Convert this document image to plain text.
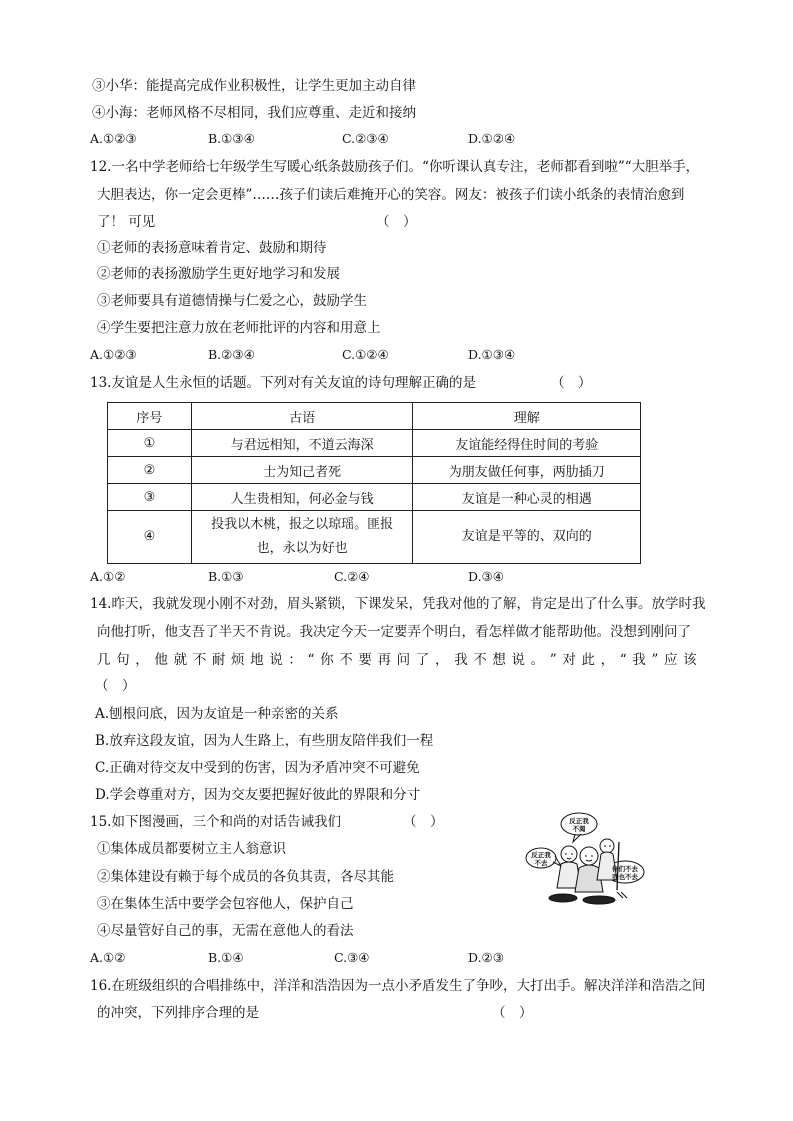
③小华：能提高完成作业积极性，让学生更加主动自律
④小海：老师风格不尽相同，我们应尊重、走近和接纳
A.①②③	B.①③④	C.②③④	D.①②④
12.一名中学老师给七年级学生写暖心纸条鼓励孩子们。“你听课认真专注，老师都看到啦”“大胆举手，
大胆表达，你一定会更棒”……孩子们读后难掩开心的笑容。网友：被孩子们读小纸条的表情治愈到
了！ 可见	（　）
①老师的表扬意味着肯定、鼓励和期待
②老师的表扬激励学生更好地学习和发展
③老师要具有道德情操与仁爱之心，鼓励学生
④学生要把注意力放在老师批评的内容和用意上
A.①②③	B.②③④	C.①②④	D.①③④
13.友谊是人生永恒的话题。下列对有关友谊的诗句理解正确的是	（　）
序号	古语	理解
①	与君远相知，不道云海深	友谊能经得住时间的考验
②	士为知己者死	为朋友做任何事，两肋插刀
③	人生贵相知，何必金与钱	友谊是一种心灵的相遇
④	投我以木桃，报之以琼瑶。匪报
也，永以为好也	友谊是平等的、双向的
A.①②	B.①③	C.②④	D.③④
14.昨天，我就发现小刚不对劲，眉头紧锁，下课发呆，凭我对他的了解，肯定是出了什么事。放学时我
向他打听，他支吾了半天不肯说。我决定今天一定要弄个明白，看怎样做才能帮助他。没想到刚问了
几 句 ， 他 就 不 耐 烦 地 说 ： “ 你 不 要 再 问 了 ， 我 不 想 说 。 ” 对 此 ， “ 我 ” 应 该
（　）
A.刨根问底，因为友谊是一种亲密的关系
B.放弃这段友谊，因为人生路上，有些朋友陪伴我们一程
C.正确对待交友中受到的伤害，因为矛盾冲突不可避免
D.学会尊重对方，因为交友要把握好彼此的界限和分寸
15.如下图漫画，三个和尚的对话告诫我们	（　）
①集体成员都要树立主人翁意识
②集体建设有赖于每个成员的各负其责，各尽其能
③在集体生活中要学会包容他人，保护自己
④尽量管好自己的事，无需在意他人的看法
A.①②	B.①④	C.③④	D.②③
反正我
不渴
反正我
不去
你们不去
我也不去
16.在班级组织的合唱排练中，洋洋和浩浩因为一点小矛盾发生了争吵，大打出手。解决洋洋和浩浩之间
的冲突，下列排序合理的是	（　）
